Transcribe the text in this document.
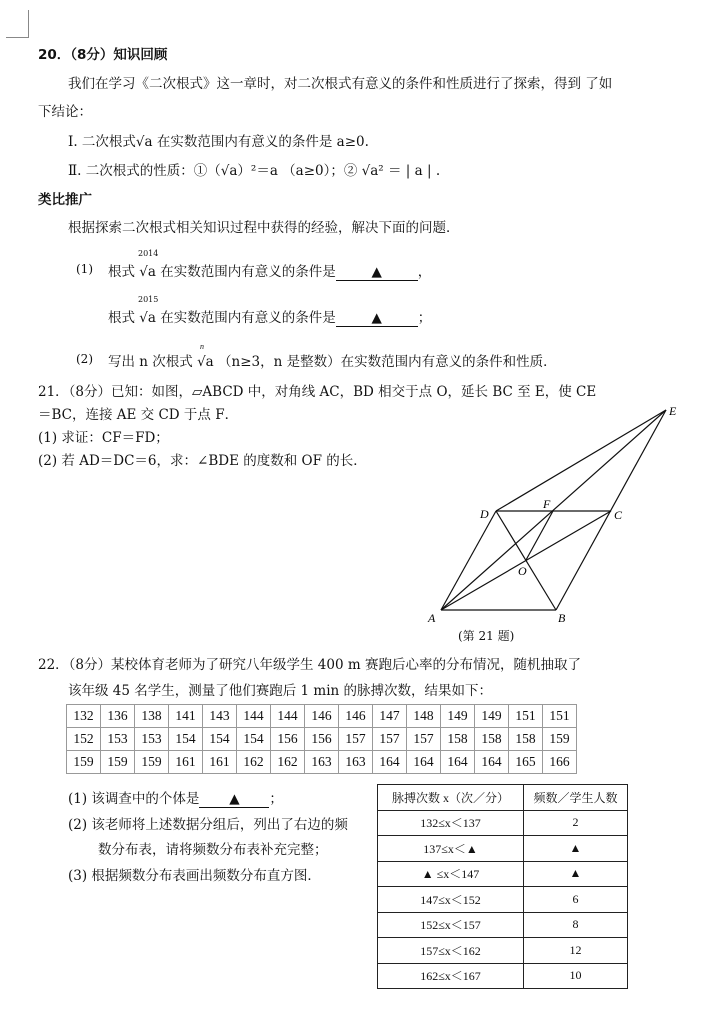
20．（8分）知识回顾
我们在学习《二次根式》这一章时，对二次根式有意义的条件和性质进行了探索，得到 了如
下结论：
Ⅰ. 二次根式√a 在实数范围内有意义的条件是 a≥0.
Ⅱ. 二次根式的性质：①（√a）²＝a （a≥0）；② √a² ＝ | a | .
类比推广
根据探索二次根式相关知识过程中获得的经验，解决下面的问题．
(1)
2014
根式 √a 在实数范围内有意义的条件是	▲	，
2015
根式 √a 在实数范围内有意义的条件是	▲	；
(2)
n
写出 n 次根式 √a （n≥3，n 是整数）在实数范围内有意义的条件和性质．
21．（8分）已知：如图，▱ABCD 中，对角线 AC，BD 相交于点 O，延长 BC 至 E，使 CE
＝BC，连接 AE 交 CD 于点 F．
(1) 求证：CF＝FD；
(2) 若 AD＝DC＝6，求：∠BDE 的度数和 OF 的长．
A	B
C
D
E
F
O
(第 21 题)
22．（8分）某校体育老师为了研究八年级学生 400 m 赛跑后心率的分布情况，随机抽取了
该年级 45 名学生，测量了他们赛跑后 1 min 的脉搏次数，结果如下：
132	136	138	141	143	144	144	146	146	147	148	149	149	151	151
152	153	153	154	154	154	156	156	157	157	157	158	158	158	159
159	159	159	161	161	162	162	163	163	164	164	164	164	165	166
(1) 该调查中的个体是 ▲ ；
(2) 该老师将上述数据分组后，列出了右边的频
数分布表，请将频数分布表补充完整；
(3) 根据频数分布表画出频数分布直方图．
脉搏次数 x（次／分）	频数／学生人数
132≤x＜137	2
137≤x＜▲	▲
▲ ≤x＜147	▲
147≤x＜152	6
152≤x＜157	8
157≤x＜162	12
162≤x＜167	10
